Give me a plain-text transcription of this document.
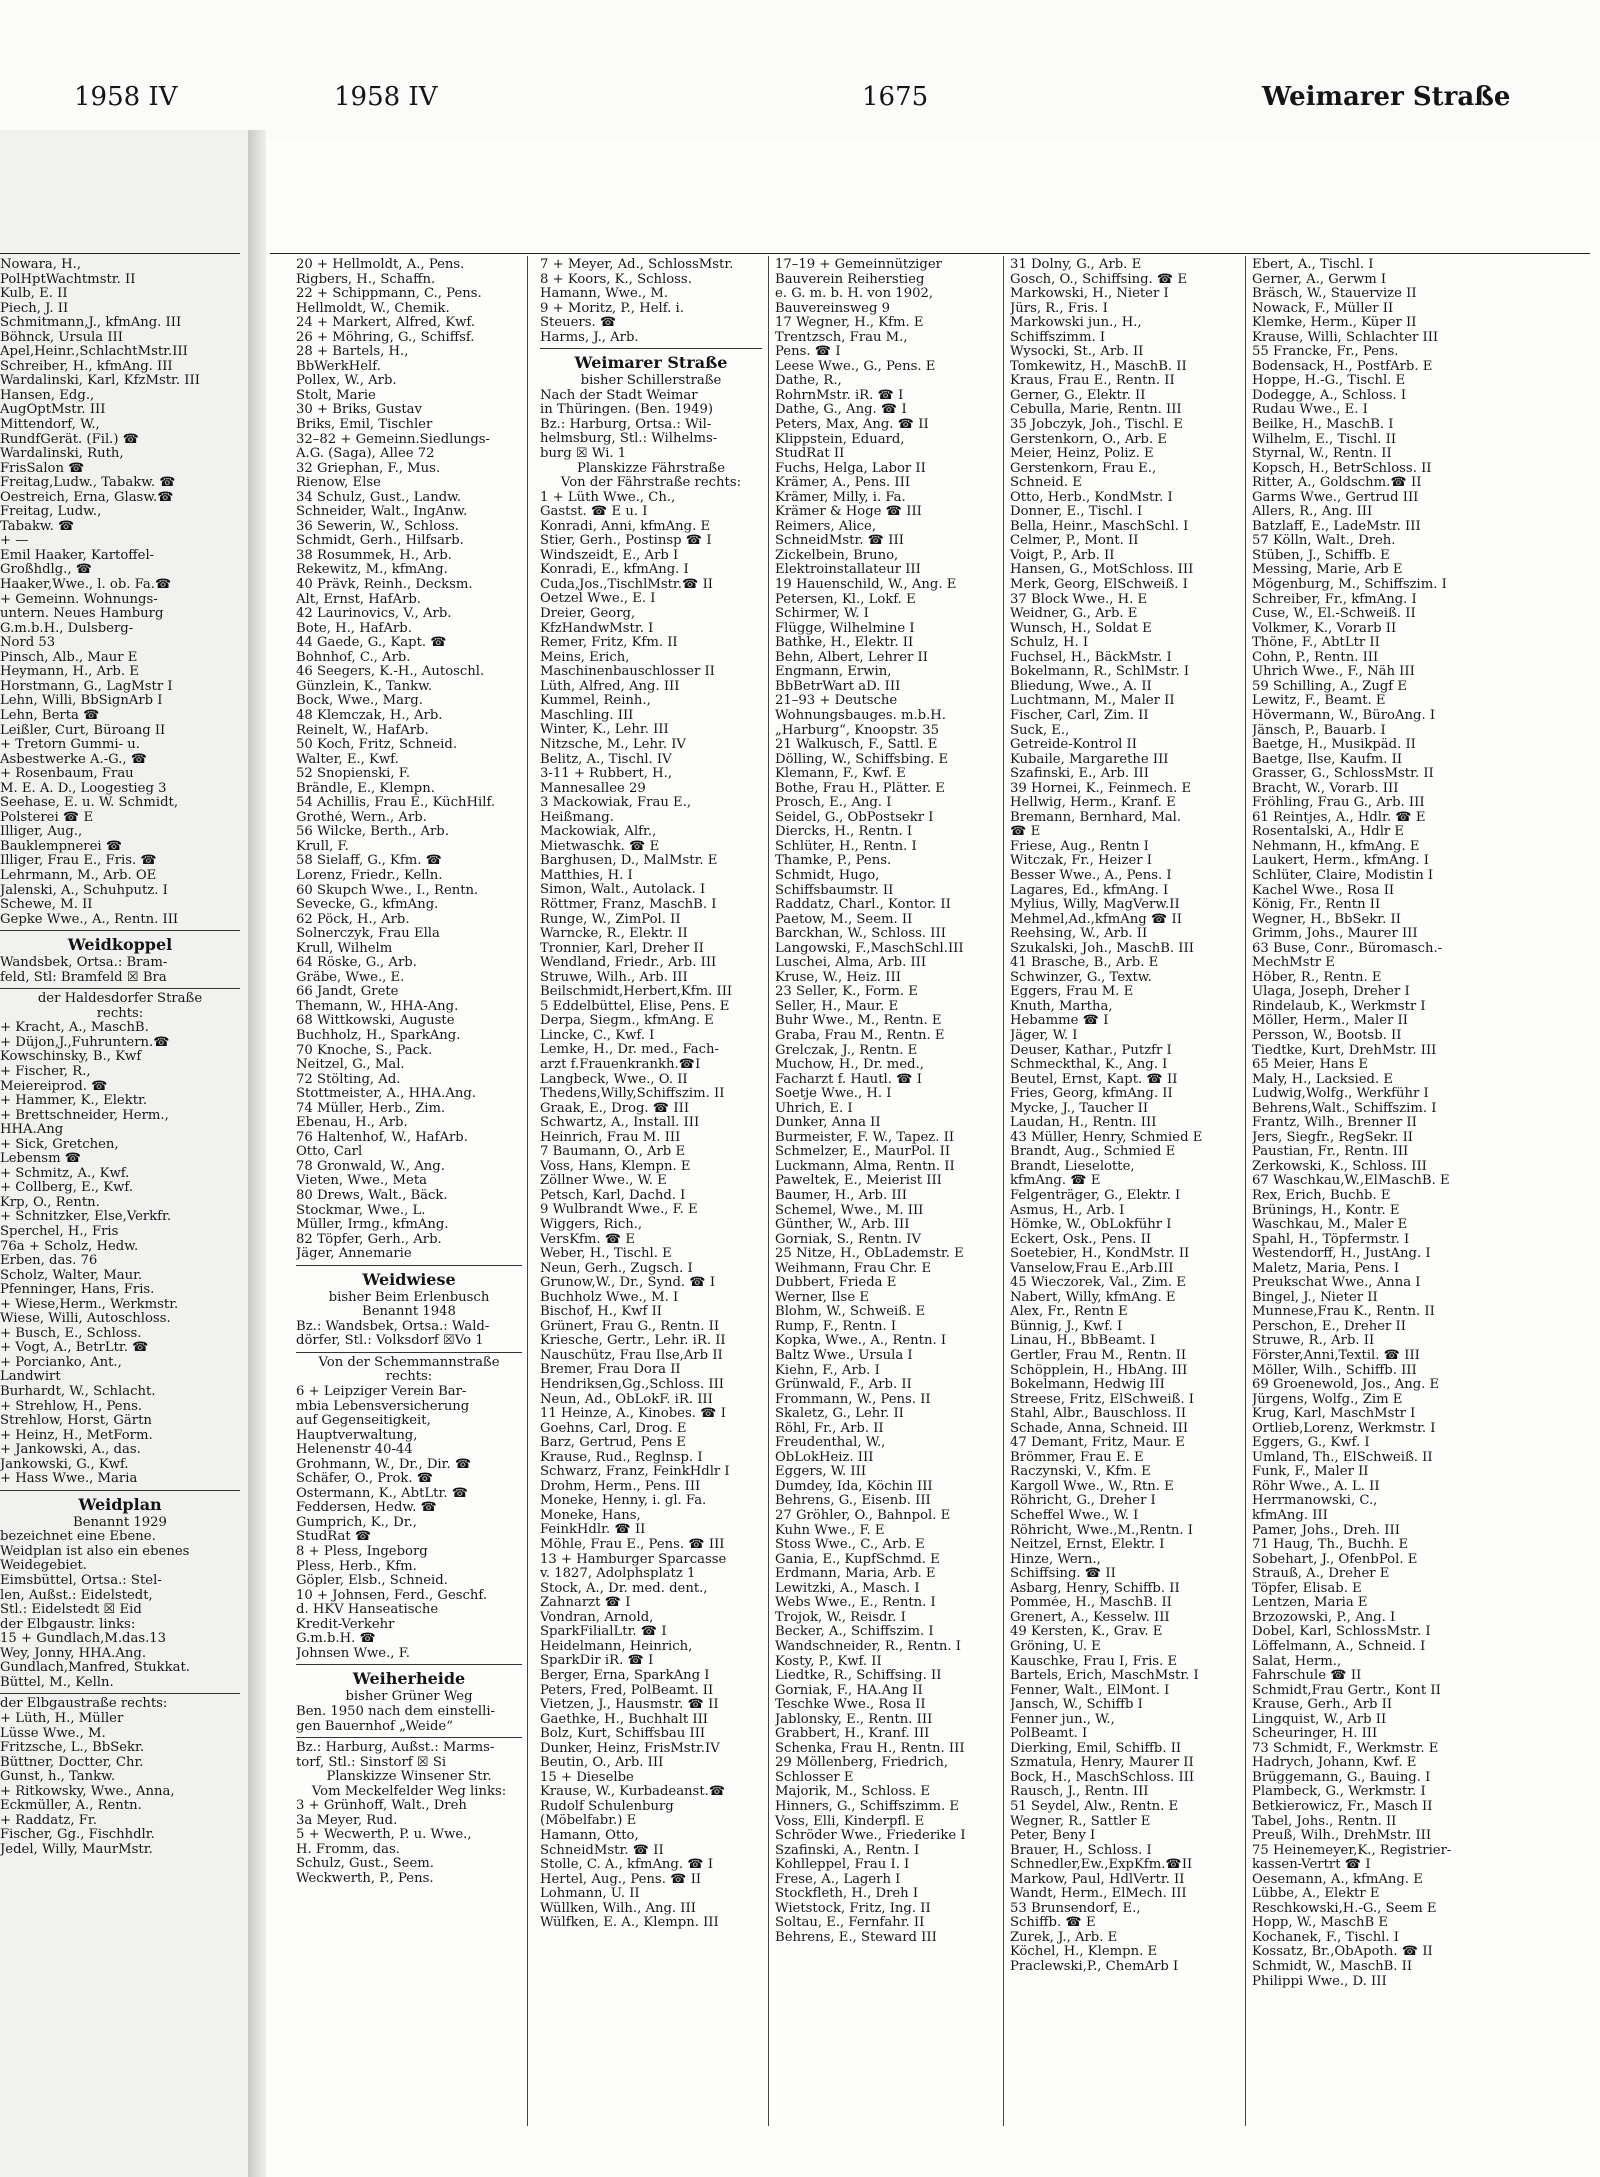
1958 IV	1958 IV	1675	Weimarer Straße
Nowara, H.,
PolHptWachtmstr. II
Kulb, E. II
Piech, J. II
Schmitmann,J., kfmAng. III
Böhnck, Ursula III
Apel,Heinr.,SchlachtMstr.III
Schreiber, H., kfmAng. III
Wardalinski, Karl, KfzMstr. III
Hansen, Edg.,
AugOptMstr. III
Mittendorf, W.,
RundfGerät. (Fil.) ☎
Wardalinski, Ruth,
FrisSalon ☎
Freitag,Ludw., Tabakw. ☎
Oestreich, Erna, Glasw.☎
Freitag, Ludw.,
Tabakw. ☎
+ —
Emil Haaker, Kartoffel-
Großhdlg., ☎
Haaker,Wwe., l. ob. Fa.☎
+ Gemeinn. Wohnungs-
untern. Neues Hamburg
G.m.b.H., Dulsberg-
Nord 53
Pinsch, Alb., Maur E
Heymann, H., Arb. E
Horstmann, G., LagMstr I
Lehn, Willi, BbSignArb I
Lehn, Berta ☎
Leißler, Curt, Büroang II
+ Tretorn Gummi- u.
Asbestwerke A.-G., ☎
+ Rosenbaum, Frau
M. E. A. D., Loogestieg 3
Seehase, E. u. W. Schmidt,
Polsterei ☎ E
Illiger, Aug.,
Bauklempnerei ☎
Illiger, Frau E., Fris. ☎
Lehrmann, M., Arb. OE
Jalenski, A., Schuhputz. I
Schewe, M. II
Gepke Wwe., A., Rentn. III
Weidkoppel
Wandsbek, Ortsa.: Bram-
feld, Stl: Bramfeld ☒ Bra
der Haldesdorfer Straße
rechts:
+ Kracht, A., MaschB.
+ Düjon,J.,Fuhruntern.☎
Kowschinsky, B., Kwf
+ Fischer, R.,
Meiereiprod. ☎
+ Hammer, K., Elektr.
+ Brettschneider, Herm.,
HHA.Ang
+ Sick, Gretchen,
Lebensm ☎
+ Schmitz, A., Kwf.
+ Collberg, E., Kwf.
Krp, O., Rentn.
+ Schnitzker, Else,Verkfr.
Sperchel, H., Fris
76a + Scholz, Hedw.
Erben, das. 76
Scholz, Walter, Maur.
Pfenninger, Hans, Fris.
+ Wiese,Herm., Werkmstr.
Wiese, Willi, Autoschloss.
+ Busch, E., Schloss.
+ Vogt, A., BetrLtr. ☎
+ Porcianko, Ant.,
Landwirt
Burhardt, W., Schlacht.
+ Strehlow, H., Pens.
Strehlow, Horst, Gärtn
+ Heinz, H., MetForm.
+ Jankowski, A., das.
Jankowski, G., Kwf.
+ Hass Wwe., Maria
Weidplan
Benannt 1929
bezeichnet eine Ebene.
Weidplan ist also ein ebenes
Weidegebiet.
Eimsbüttel, Ortsa.: Stel-
len, Außst.: Eidelstedt,
Stl.: Eidelstedt ☒ Eid
der Elbgaustr. links:
15 + Gundlach,M.das.13
Wey, Jonny, HHA.Ang.
Gundlach,Manfred, Stukkat.
Büttel, M., Kelln.
der Elbgaustraße rechts:
+ Lüth, H., Müller
Lüsse Wwe., M.
Fritzsche, L., BbSekr.
Büttner, Doctter, Chr.
Gunst, h., Tankw.
+ Ritkowsky, Wwe., Anna,
Eckmüller, A., Rentn.
+ Raddatz, Fr.
Fischer, Gg., Fischhdlr.
Jedel, Willy, MaurMstr.
20 + Hellmoldt, A., Pens.
Rigbers, H., Schaffn.
22 + Schippmann, C., Pens.
Hellmoldt, W., Chemik.
24 + Markert, Alfred, Kwf.
26 + Möhring, G., Schiffsf.
28 + Bartels, H.,
BbWerkHelf.
Pollex, W., Arb.
Stolt, Marie
30 + Briks, Gustav
Briks, Emil, Tischler
32–82 + Gemeinn.Siedlungs-
A.G. (Saga), Allee 72
32 Griephan, F., Mus.
Rienow, Else
34 Schulz, Gust., Landw.
Schneider, Walt., IngAnw.
36 Sewerin, W., Schloss.
Schmidt, Gerh., Hilfsarb.
38 Rosummek, H., Arb.
Rekewitz, M., kfmAng.
40 Prävk, Reinh., Decksm.
Alt, Ernst, HafArb.
42 Laurinovics, V., Arb.
Bote, H., HafArb.
44 Gaede, G., Kapt. ☎
Bohnhof, C., Arb.
46 Seegers, K.-H., Autoschl.
Günzlein, K., Tankw.
Bock, Wwe., Marg.
48 Klemczak, H., Arb.
Reinelt, W., HafArb.
50 Koch, Fritz, Schneid.
Walter, E., Kwf.
52 Snopienski, F.
Brändle, E., Klempn.
54 Achillis, Frau E., KüchHilf.
Grothé, Wern., Arb.
56 Wilcke, Berth., Arb.
Krull, F.
58 Sielaff, G., Kfm. ☎
Lorenz, Friedr., Kelln.
60 Skupch Wwe., I., Rentn.
Sevecke, G., kfmAng.
62 Pöck, H., Arb.
Solnerczyk, Frau Ella
Krull, Wilhelm
64 Röske, G., Arb.
Gräbe, Wwe., E.
66 Jandt, Grete
Themann, W., HHA-Ang.
68 Wittkowski, Auguste
Buchholz, H., SparkAng.
70 Knoche, S., Pack.
Neitzel, G., Mal.
72 Stölting, Ad.
Stottmeister, A., HHA.Ang.
74 Müller, Herb., Zim.
Ebenau, H., Arb.
76 Haltenhof, W., HafArb.
Otto, Carl
78 Gronwald, W., Ang.
Vieten, Wwe., Meta
80 Drews, Walt., Bäck.
Stockmar, Wwe., L.
Müller, Irmg., kfmAng.
82 Töpfer, Gerh., Arb.
Jäger, Annemarie
Weidwiese
bisher Beim Erlenbusch
Benannt 1948
Bz.: Wandsbek, Ortsa.: Wald-
dörfer, Stl.: Volksdorf ☒Vo 1
Von der Schemmannstraße
rechts:
6 + Leipziger Verein Bar-
mbia Lebensversicherung
auf Gegenseitigkeit,
Hauptverwaltung,
Helenenstr 40-44
Grohmann, W., Dr., Dir. ☎
Schäfer, O., Prok. ☎
Ostermann, K., AbtLtr. ☎
Feddersen, Hedw. ☎
Gumprich, K., Dr.,
StudRat ☎
8 + Pless, Ingeborg
Pless, Herb., Kfm.
Göpler, Elsb., Schneid.
10 + Johnsen, Ferd., Geschf.
d. HKV Hanseatische
Kredit-Verkehr
G.m.b.H. ☎
Johnsen Wwe., F.
Weiherheide
bisher Grüner Weg
Ben. 1950 nach dem einstelli-
gen Bauernhof „Weide“
Bz.: Harburg, Außst.: Marms-
torf, Stl.: Sinstorf ☒ Si
Planskizze Winsener Str.
Vom Meckelfelder Weg links:
3 + Grünhoff, Walt., Dreh
3a Meyer, Rud.
5 + Wecwerth, P. u. Wwe.,
H. Fromm, das.
Schulz, Gust., Seem.
Weckwerth, P., Pens.
7 + Meyer, Ad., SchlossMstr.
8 + Koors, K., Schloss.
Hamann, Wwe., M.
9 + Moritz, P., Helf. i.
Steuers. ☎
Harms, J., Arb.
Weimarer Straße
bisher Schillerstraße
Nach der Stadt Weimar
in Thüringen. (Ben. 1949)
Bz.: Harburg, Ortsa.: Wil-
helmsburg, Stl.: Wilhelms-
burg ☒ Wi. 1
Planskizze Fährstraße
Von der Fährstraße rechts:
1 + Lüth Wwe., Ch.,
Gastst. ☎ E u. I
Konradi, Anni, kfmAng. E
Stier, Gerh., Postinsp ☎ I
Windszeidt, E., Arb I
Konradi, E., kfmAng. I
Cuda,Jos.,TischlMstr.☎ II
Oetzel Wwe., E. I
Dreier, Georg,
KfzHandwMstr. I
Remer, Fritz, Kfm. II
Meins, Erich,
Maschinenbauschlosser II
Lüth, Alfred, Ang. III
Kummel, Reinh.,
Maschling. III
Winter, K., Lehr. III
Nitzsche, M., Lehr. IV
Belitz, A., Tischl. IV
3-11 + Rubbert, H.,
Mannesallee 29
3 Mackowiak, Frau E.,
Heißmang.
Mackowiak, Alfr.,
Mietwaschk. ☎ E
Barghusen, D., MalMstr. E
Matthies, H. I
Simon, Walt., Autolack. I
Röttmer, Franz, MaschB. I
Runge, W., ZimPol. II
Warncke, R., Elektr. II
Tronnier, Karl, Dreher II
Wendland, Friedr., Arb. III
Struwe, Wilh., Arb. III
Beilschmidt,Herbert,Kfm. III
5 Eddelbüttel, Elise, Pens. E
Derpa, Siegm., kfmAng. E
Lincke, C., Kwf. I
Lemke, H., Dr. med., Fach-
arzt f.Frauenkrankh.☎I
Langbeck, Wwe., O. II
Thedens,Willy,Schiffszim. II
Graak, E., Drog. ☎ III
Schwartz, A., Install. III
Heinrich, Frau M. III
7 Baumann, O., Arb E
Voss, Hans, Klempn. E
Zöllner Wwe., W. E
Petsch, Karl, Dachd. I
9 Wulbrandt Wwe., F. E
Wiggers, Rich.,
VersKfm. ☎ E
Weber, H., Tischl. E
Neun, Gerh., Zugsch. I
Grunow,W., Dr., Synd. ☎ I
Buchholz Wwe., M. I
Bischof, H., Kwf II
Grünert, Frau G., Rentn. II
Kriesche, Gertr., Lehr. iR. II
Nauschütz, Frau Ilse,Arb II
Bremer, Frau Dora II
Hendriksen,Gg.,Schloss. III
Neun, Ad., ObLokF. iR. III
11 Heinze, A., Kinobes. ☎ I
Goehns, Carl, Drog. E
Barz, Gertrud, Pens E
Krause, Rud., Reglnsp. I
Schwarz, Franz, FeinkHdlr I
Drohm, Herm., Pens. III
Moneke, Henny, i. gl. Fa.
Moneke, Hans,
FeinkHdlr. ☎ II
Möhle, Frau E., Pens. ☎ III
13 + Hamburger Sparcasse
v. 1827, Adolphsplatz 1
Stock, A., Dr. med. dent.,
Zahnarzt ☎ I
Vondran, Arnold,
SparkFilialLtr. ☎ I
Heidelmann, Heinrich,
SparkDir iR. ☎ I
Berger, Erna, SparkAng I
Peters, Fred, PolBeamt. II
Vietzen, J., Hausmstr. ☎ II
Gaethke, H., Buchhalt III
Bolz, Kurt, Schiffsbau III
Dunker, Heinz, FrisMstr.IV
Beutin, O., Arb. III
15 + Dieselbe
Krause, W., Kurbadeanst.☎
Rudolf Schulenburg
(Möbelfabr.) E
Hamann, Otto,
SchneidMstr. ☎ II
Stolle, C. A., kfmAng. ☎ I
Hertel, Aug., Pens. ☎ II
Lohmann, U. II
Wüllken, Wilh., Ang. III
Wülfken, E. A., Klempn. III
17–19 + Gemeinnütziger
Bauverein Reiherstieg
e. G. m. b. H. von 1902,
Bauvereinsweg 9
17 Wegner, H., Kfm. E
Trentzsch, Frau M.,
Pens. ☎ I
Leese Wwe., G., Pens. E
Dathe, R.,
RohrnMstr. iR. ☎ I
Dathe, G., Ang. ☎ I
Peters, Max, Ang. ☎ II
Klippstein, Eduard,
StudRat II
Fuchs, Helga, Labor II
Krämer, A., Pens. III
Krämer, Milly, i. Fa.
Krämer & Hoge ☎ III
Reimers, Alice,
SchneidMstr. ☎ III
Zickelbein, Bruno,
Elektroinstallateur III
19 Hauenschild, W., Ang. E
Petersen, Kl., Lokf. E
Schirmer, W. I
Flügge, Wilhelmine I
Bathke, H., Elektr. II
Behn, Albert, Lehrer II
Engmann, Erwin,
BbBetrWart aD. III
21–93 + Deutsche
Wohnungsbauges. m.b.H.
„Harburg“, Knoopstr. 35
21 Walkusch, F., Sattl. E
Dölling, W., Schiffsbing. E
Klemann, F., Kwf. E
Bothe, Frau H., Plätter. E
Prosch, E., Ang. I
Seidel, G., ObPostsekr I
Diercks, H., Rentn. I
Schlüter, H., Rentn. I
Thamke, P., Pens.
Schmidt, Hugo,
Schiffsbaumstr. II
Raddatz, Charl., Kontor. II
Paetow, M., Seem. II
Barckhan, W., Schloss. III
Langowski, F.,MaschSchl.III
Luschei, Alma, Arb. III
Kruse, W., Heiz. III
23 Seller, K., Form. E
Seller, H., Maur. E
Buhr Wwe., M., Rentn. E
Graba, Frau M., Rentn. E
Grelczak, J., Rentn. E
Muchow, H., Dr. med.,
Facharzt f. Hautl. ☎ I
Soetje Wwe., H. I
Uhrich, E. I
Dunker, Anna II
Burmeister, F. W., Tapez. II
Schmelzer, E., MaurPol. II
Luckmann, Alma, Rentn. II
Paweltek, E., Meierist III
Baumer, H., Arb. III
Schemel, Wwe., M. III
Günther, W., Arb. III
Gorniak, S., Rentn. IV
25 Nitze, H., ObLademstr. E
Weihmann, Frau Chr. E
Dubbert, Frieda E
Werner, Ilse E
Blohm, W., Schweiß. E
Rump, F., Rentn. I
Kopka, Wwe., A., Rentn. I
Baltz Wwe., Ursula I
Kiehn, F., Arb. I
Grünwald, F., Arb. II
Frommann, W., Pens. II
Skaletz, G., Lehr. II
Röhl, Fr., Arb. II
Freudenthal, W.,
ObLokHeiz. III
Eggers, W. III
Dumdey, Ida, Köchin III
Behrens, G., Eisenb. III
27 Gröhler, O., Bahnpol. E
Kuhn Wwe., F. E
Stoss Wwe., C., Arb. E
Gania, E., KupfSchmd. E
Erdmann, Maria, Arb. E
Lewitzki, A., Masch. I
Webs Wwe., E., Rentn. I
Trojok, W., Reisdr. I
Becker, A., Schiffszim. I
Wandschneider, R., Rentn. I
Kosty, P., Kwf. II
Liedtke, R., Schiffsing. II
Gorniak, F., HA.Ang II
Teschke Wwe., Rosa II
Jablonsky, E., Rentn. III
Grabbert, H., Kranf. III
Schenka, Frau H., Rentn. III
29 Möllenberg, Friedrich,
Schlosser E
Majorik, M., Schloss. E
Hinners, G., Schiffszimm. E
Voss, Elli, Kinderpfl. E
Schröder Wwe., Friederike I
Szafinski, A., Rentn. I
Kohlleppel, Frau I. I
Frese, A., Lagerh I
Stockfleth, H., Dreh I
Wietstock, Fritz, Ing. II
Soltau, E., Fernfahr. II
Behrens, E., Steward III
31 Dolny, G., Arb. E
Gosch, O., Schiffsing. ☎ E
Markowski, H., Nieter I
Jürs, R., Fris. I
Markowski jun., H.,
Schiffszimm. I
Wysocki, St., Arb. II
Tomkewitz, H., MaschB. II
Kraus, Frau E., Rentn. II
Gerner, G., Elektr. II
Cebulla, Marie, Rentn. III
35 Jobczyk, Joh., Tischl. E
Gerstenkorn, O., Arb. E
Meier, Heinz, Poliz. E
Gerstenkorn, Frau E.,
Schneid. E
Otto, Herb., KondMstr. I
Donner, E., Tischl. I
Bella, Heinr., MaschSchl. I
Celmer, P., Mont. II
Voigt, P., Arb. II
Hansen, G., MotSchloss. III
Merk, Georg, ElSchweiß. I
37 Block Wwe., H. E
Weidner, G., Arb. E
Wunsch, H., Soldat E
Schulz, H. I
Fuchsel, H., BäckMstr. I
Bokelmann, R., SchlMstr. I
Bliedung, Wwe., A. II
Luchtmann, M., Maler II
Fischer, Carl, Zim. II
Suck, E.,
Getreide-Kontrol II
Kubaile, Margarethe III
Szafinski, E., Arb. III
39 Hornei, K., Feinmech. E
Hellwig, Herm., Kranf. E
Bremann, Bernhard, Mal.
☎ E
Friese, Aug., Rentn I
Witczak, Fr., Heizer I
Besser Wwe., A., Pens. I
Lagares, Ed., kfmAng. I
Mylius, Willy, MagVerw.II
Mehmel,Ad.,kfmAng ☎ II
Reehsing, W., Arb. II
Szukalski, Joh., MaschB. III
41 Brasche, B., Arb. E
Schwinzer, G., Textw.
Eggers, Frau M. E
Knuth, Martha,
Hebamme ☎ I
Jäger, W. I
Deuser, Kathar., Putzfr I
Schmeckthal, K., Ang. I
Beutel, Ernst, Kapt. ☎ II
Fries, Georg, kfmAng. II
Mycke, J., Taucher II
Laudan, H., Rentn. III
43 Müller, Henry, Schmied E
Brandt, Aug., Schmied E
Brandt, Lieselotte,
kfmAng. ☎ E
Felgenträger, G., Elektr. I
Asmus, H., Arb. I
Hömke, W., ObLokführ I
Eckert, Osk., Pens. II
Soetebier, H., KondMstr. II
Vanselow,Frau E.,Arb.III
45 Wieczorek, Val., Zim. E
Nabert, Willy, kfmAng. E
Alex, Fr., Rentn E
Bünnig, J., Kwf. I
Linau, H., BbBeamt. I
Gertler, Frau M., Rentn. II
Schöpplein, H., HbAng. III
Bokelmann, Hedwig III
Streese, Fritz, ElSchweiß. I
Stahl, Albr., Bauschloss. II
Schade, Anna, Schneid. III
47 Demant, Fritz, Maur. E
Brömmer, Frau E. E
Raczynski, V., Kfm. E
Kargoll Wwe., W., Rtn. E
Röhricht, G., Dreher I
Scheffel Wwe., W. I
Röhricht, Wwe.,M.,Rentn. I
Neitzel, Ernst, Elektr. I
Hinze, Wern.,
Schiffsing. ☎ II
Asbarg, Henry, Schiffb. II
Pommée, H., MaschB. II
Grenert, A., Kesselw. III
49 Kersten, K., Grav. E
Gröning, U. E
Kauschke, Frau I, Fris. E
Bartels, Erich, MaschMstr. I
Fenner, Walt., ElMont. I
Jansch, W., Schiffb I
Fenner jun., W.,
PolBeamt. I
Dierking, Emil, Schiffb. II
Szmatula, Henry, Maurer II
Bock, H., MaschSchloss. III
Rausch, J., Rentn. III
51 Seydel, Alw., Rentn. E
Wegner, R., Sattler E
Peter, Beny I
Brauer, H., Schloss. I
Schnedler,Ew.,ExpKfm.☎II
Markow, Paul, HdlVertr. II
Wandt, Herm., ElMech. III
53 Brunsendorf, E.,
Schiffb. ☎ E
Zurek, J., Arb. E
Köchel, H., Klempn. E
Praclewski,P., ChemArb I
Ebert, A., Tischl. I
Gerner, A., Gerwm I
Bräsch, W., Stauervize II
Nowack, F., Müller II
Klemke, Herm., Küper II
Krause, Willi, Schlachter III
55 Francke, Fr., Pens.
Bodensack, H., PostfArb. E
Hoppe, H.-G., Tischl. E
Dodegge, A., Schloss. I
Rudau Wwe., E. I
Beilke, H., MaschB. I
Wilhelm, E., Tischl. II
Styrnal, W., Rentn. II
Kopsch, H., BetrSchloss. II
Ritter, A., Goldschm.☎ II
Garms Wwe., Gertrud III
Allers, R., Ang. III
Batzlaff, E., LadeMstr. III
57 Kölln, Walt., Dreh.
Stüben, J., Schiffb. E
Messing, Marie, Arb E
Mögenburg, M., Schiffszim. I
Schreiber, Fr., kfmAng. I
Cuse, W., El.-Schweiß. II
Volkmer, K., Vorarb II
Thöne, F., AbtLtr II
Cohn, P., Rentn. III
Uhrich Wwe., F., Näh III
59 Schilling, A., Zugf E
Lewitz, F., Beamt. E
Hövermann, W., BüroAng. I
Jänsch, P., Bauarb. I
Baetge, H., Musikpäd. II
Baetge, Ilse, Kaufm. II
Grasser, G., SchlossMstr. II
Bracht, W., Vorarb. III
Fröhling, Frau G., Arb. III
61 Reintjes, A., Hdlr. ☎ E
Rosentalski, A., Hdlr E
Nehmann, H., kfmAng. E
Laukert, Herm., kfmAng. I
Schlüter, Claire, Modistin I
Kachel Wwe., Rosa II
König, Fr., Rentn II
Wegner, H., BbSekr. II
Grimm, Johs., Maurer III
63 Buse, Conr., Büromasch.-
MechMstr E
Höber, R., Rentn. E
Ulaga, Joseph, Dreher I
Rindelaub, K., Werkmstr I
Möller, Herm., Maler II
Persson, W., Bootsb. II
Tiedtke, Kurt, DrehMstr. III
65 Meier, Hans E
Maly, H., Lacksied. E
Ludwig,Wolfg., Werkführ I
Behrens,Walt., Schiffszim. I
Frantz, Wilh., Brenner II
Jers, Siegfr., RegSekr. II
Paustian, Fr., Rentn. III
Zerkowski, K., Schloss. III
67 Waschkau,W.,ElMaschB. E
Rex, Erich, Buchb. E
Brünings, H., Kontr. E
Waschkau, M., Maler E
Spahl, H., Töpfermstr. I
Westendorff, H., JustAng. I
Maletz, Maria, Pens. I
Preukschat Wwe., Anna I
Bingel, J., Nieter II
Munnese,Frau K., Rentn. II
Perschon, E., Dreher II
Struwe, R., Arb. II
Förster,Anni,Textil. ☎ III
Möller, Wilh., Schiffb. III
69 Groenewold, Jos., Ang. E
Jürgens, Wolfg., Zim E
Krug, Karl, MaschMstr I
Ortlieb,Lorenz, Werkmstr. I
Eggers, G., Kwf. I
Umland, Th., ElSchweiß. II
Funk, F., Maler II
Röhr Wwe., A. L. II
Herrmanowski, C.,
kfmAng. III
Pamer, Johs., Dreh. III
71 Haug, Th., Buchh. E
Sobehart, J., OfenbPol. E
Strauß, A., Dreher E
Töpfer, Elisab. E
Lentzen, Maria E
Brzozowski, P., Ang. I
Dobel, Karl, SchlossMstr. I
Löffelmann, A., Schneid. I
Salat, Herm.,
Fahrschule ☎ II
Schmidt,Frau Gertr., Kont II
Krause, Gerh., Arb II
Lingquist, W., Arb II
Scheuringer, H. III
73 Schmidt, F., Werkmstr. E
Hadrych, Johann, Kwf. E
Brüggemann, G., Bauing. I
Plambeck, G., Werkmstr. I
Betkierowicz, Fr., Masch II
Tabel, Johs., Rentn. II
Preuß, Wilh., DrehMstr. III
75 Heinemeyer,K., Registrier-
kassen-Vertrt ☎ I
Oesemann, A., kfmAng. E
Lübbe, A., Elektr E
Reschkowski,H.-G., Seem E
Hopp, W., MaschB E
Kochanek, F., Tischl. I
Kossatz, Br.,ObApoth. ☎ II
Schmidt, W., MaschB. II
Philippi Wwe., D. III
